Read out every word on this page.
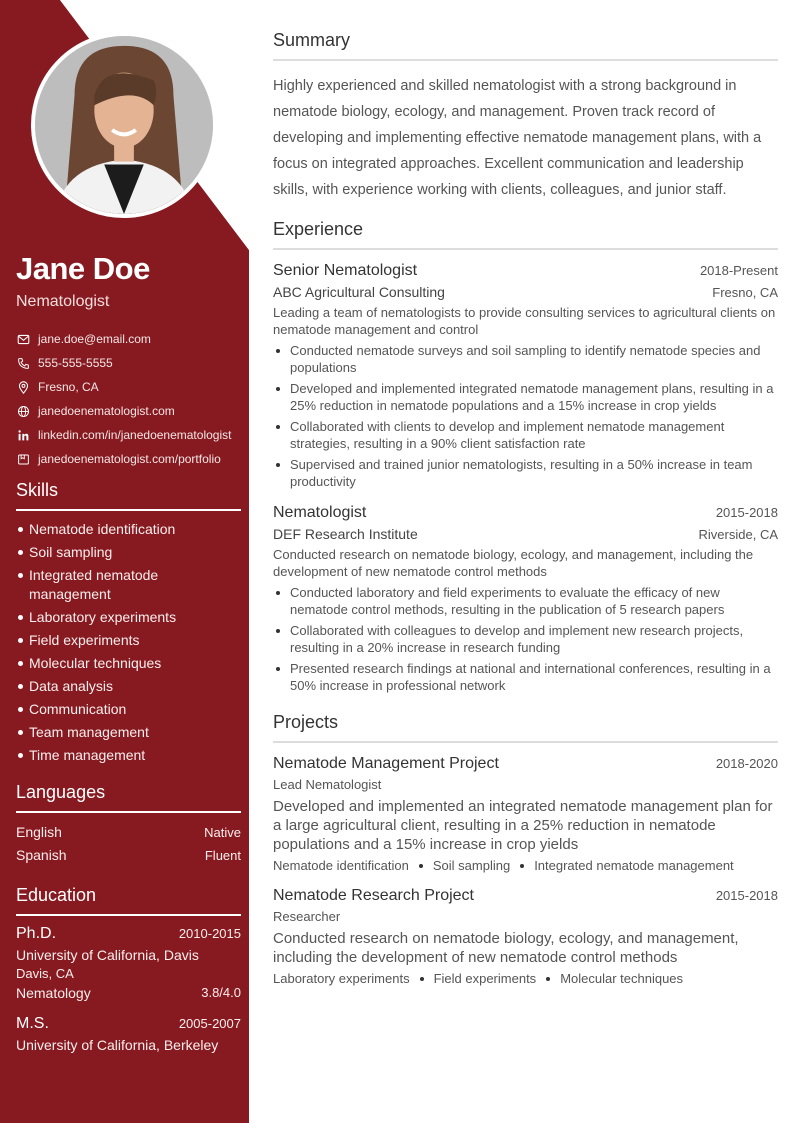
Jane Doe
Nematologist
jane.doe@email.com
555-555-5555
Fresno, CA
janedoenematologist.com
linkedin.com/in/janedoenematologist
janedoenematologist.com/portfolio
Skills
Nematode identification
Soil sampling
Integrated nematode management
Laboratory experiments
Field experiments
Molecular techniques
Data analysis
Communication
Team management
Time management
Languages
English	Native
Spanish	Fluent
Education
Ph.D.	2010-2015
University of California, Davis
Davis, CA
Nematology	3.8/4.0
M.S.	2005-2007
University of California, Berkeley
Summary

Highly experienced and skilled nematologist with a strong background in nematode biology, ecology, and management. Proven track record of developing and implementing effective nematode management plans, with a focus on integrated approaches. Excellent communication and leadership skills, with experience working with clients, colleagues, and junior staff.

Experience
Senior Nematologist	2018-Present
ABC Agricultural Consulting	Fresno, CA

Leading a team of nematologists to provide consulting services to agricultural clients on nematode management and control

Conducted nematode surveys and soil sampling to identify nematode species and populations
Developed and implemented integrated nematode management plans, resulting in a 25% reduction in nematode populations and a 15% increase in crop yields
Collaborated with clients to develop and implement nematode management strategies, resulting in a 90% client satisfaction rate
Supervised and trained junior nematologists, resulting in a 50% increase in team productivity
Nematologist	2015-2018
DEF Research Institute	Riverside, CA

Conducted research on nematode biology, ecology, and management, including the development of new nematode control methods

Conducted laboratory and field experiments to evaluate the efficacy of new nematode control methods, resulting in the publication of 5 research papers
Collaborated with colleagues to develop and implement new research projects, resulting in a 20% increase in research funding
Presented research findings at national and international conferences, resulting in a 50% increase in professional network
Projects
Nematode Management Project	2018-2020
Lead Nematologist

Developed and implemented an integrated nematode management plan for a large agricultural client, resulting in a 25% reduction in nematode populations and a 15% increase in crop yields

Nematode identification Soil sampling Integrated nematode management
Nematode Research Project	2015-2018
Researcher

Conducted research on nematode biology, ecology, and management, including the development of new nematode control methods

Laboratory experiments Field experiments Molecular techniques
